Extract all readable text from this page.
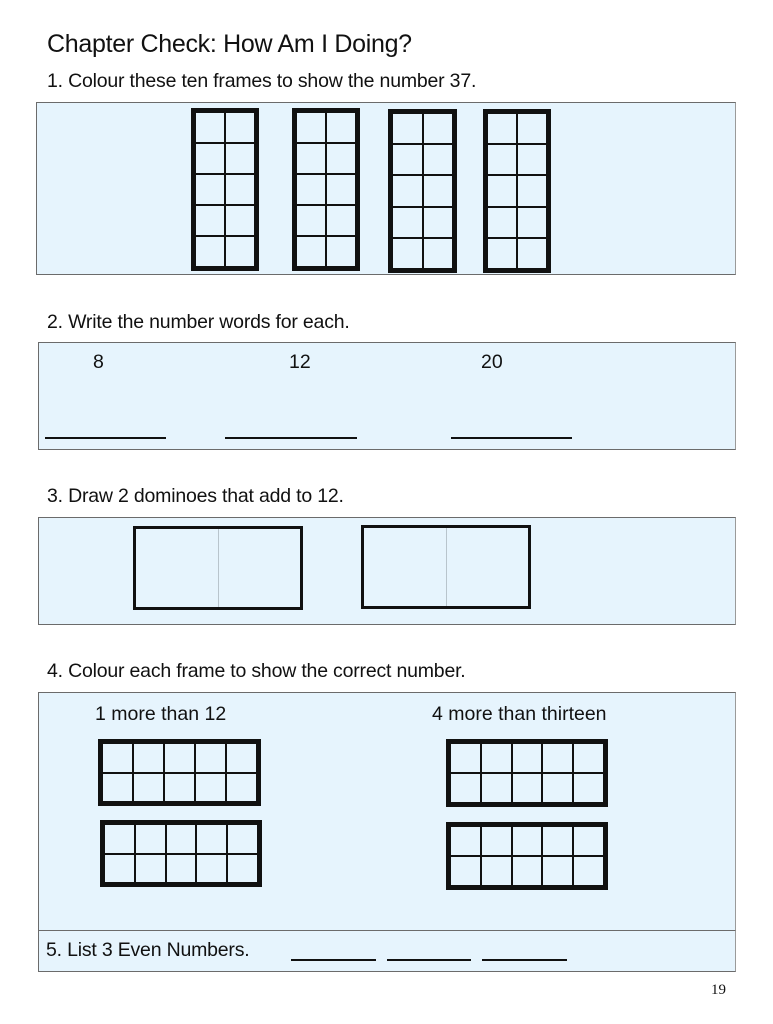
Chapter Check: How Am I Doing?
1. Colour these ten frames to show the number 37.
2. Write the number words for each.
8	12	20
3. Draw 2 dominoes that add to 12.
4. Colour each frame to show the correct number.
1 more than 12	4 more than thirteen
5. List 3 Even Numbers.
19
